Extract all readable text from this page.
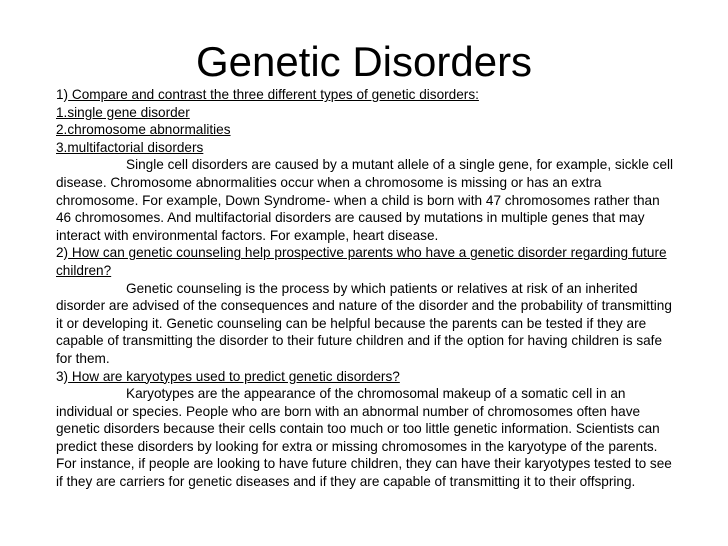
Genetic Disorders

1) Compare and contrast the three different types of genetic disorders:

1.single gene disorder

2.chromosome abnormalities

3.multifactorial disorders

Single cell disorders are caused by a mutant allele of a single gene, for example, sickle cell disease. Chromosome abnormalities occur when a chromosome is missing or has an extra chromosome. For example, Down Syndrome- when a child is born with 47 chromosomes rather than 46 chromosomes. And multifactorial disorders are caused by mutations in multiple genes that may interact with environmental factors. For example, heart disease.

2) How can genetic counseling help prospective parents who have a genetic disorder regarding future children?

Genetic counseling is the process by which patients or relatives at risk of an inherited disorder are advised of the consequences and nature of the disorder and the probability of transmitting it or developing it. Genetic counseling can be helpful because the parents can be tested if they are capable of transmitting the disorder to their future children and if the option for having children is safe for them.

3) How are karyotypes used to predict genetic disorders?

Karyotypes are the appearance of the chromosomal makeup of a somatic cell in an individual or species. People who are born with an abnormal number of chromosomes often have genetic disorders because their cells contain too much or too little genetic information. Scientists can predict these disorders by looking for extra or missing chromosomes in the karyotype of the parents. For instance, if people are looking to have future children, they can have their karyotypes tested to see if they are carriers for genetic diseases and if they are capable of transmitting it to their offspring.
